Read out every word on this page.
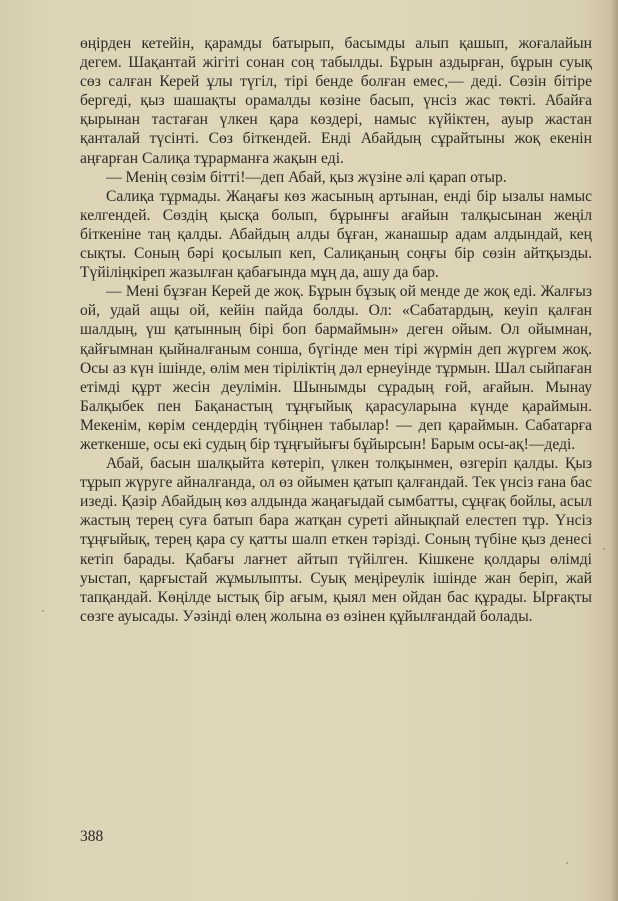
өңірден кетейін, қарамды батырып, басымды алып қашып, жоғалайын дегем. Шақантай жігіті сонан соң табылды. Бұрын аздырған, бұрын суық сөз салған Керей ұлы түгіл, тірі бенде болған емес,— деді. Сөзін бітіре бергеді, қыз шашақты орамалды көзіне басып, үнсіз жас төкті. Абайға қырынан тастаған үлкен қара көздері, намыс күйіктен, ауыр жастан қанталай түсінті. Сөз біткендей. Енді Абайдың сұрайтыны жоқ екенін аңғарған Салиқа тұрарманға жақын еді.

— Менің сөзім бітті!—деп Абай, қыз жүзіне әлі қарап отыр.

Салиқа тұрмады. Жаңағы көз жасының артынан, енді бір ызалы намыс келгендей. Сөздің қысқа болып, бұрынғы ағайын талқысынан жеңіл біткеніне таң қалды. Абайдың алды бұған, жанашыр адам алдындай, кең сықты. Соның бәрі қосылып кеп, Салиқаның соңғы бір сөзін айтқызды. Түйіліңкіреп жазылған қабағында мұң да, ашу да бар.

— Мені бұзған Керей де жоқ. Бұрын бұзық ой менде де жоқ еді. Жалғыз ой, удай ащы ой, кейін пайда болды. Ол: «Сабатардың, кеуіп қалған шалдың, үш қатынның бірі боп бармаймын» деген ойым. Ол ойымнан, қайғымнан қыйналғаным сонша, бүгінде мен тірі жүрмін деп жүргем жоқ. Осы аз күн ішінде, өлім мен тіріліктің дәл ернеуінде тұрмын. Шал сыйпаған етімді құрт жесін деулімін. Шынымды сұрадың ғой, ағайын. Мынау Балқыбек пен Бақанастың тұңғыйық қарасуларына күнде қараймын. Мекенім, көрім сендердің түбіңнен табылар! — деп қараймын. Сабатарға жеткенше, осы екі судың бір тұңғыйығы бұйырсын! Барым осы-ақ!—деді.

Абай, басын шалқыйта көтеріп, үлкен толқынмен, өзгеріп қалды. Қыз тұрып жүруге айналғанда, ол өз ойымен қатып қалғандай. Тек үнсіз ғана бас изеді. Қазір Абайдың көз алдында жаңағыдай сымбатты, сұңғақ бойлы, асыл жастың терең суға батып бара жатқан суреті айнықпай елестеп тұр. Үнсіз тұңғыйық, терең қара су қатты шалп еткен тәрізді. Соның түбіне қыз денесі кетіп барады. Қабағы лағнет айтып түйілген. Кішкене қолдары өлімді уыстап, қарғыстай жұмылыпты. Суық меңіреулік ішінде жан беріп, жай тапқандай. Көңілде ыстық бір ағым, қыял мен ойдан бас құрады. Ырғақты сөзге ауысады. Уәзінді өлең жолына өз өзінен құйылғандай болады.

388
